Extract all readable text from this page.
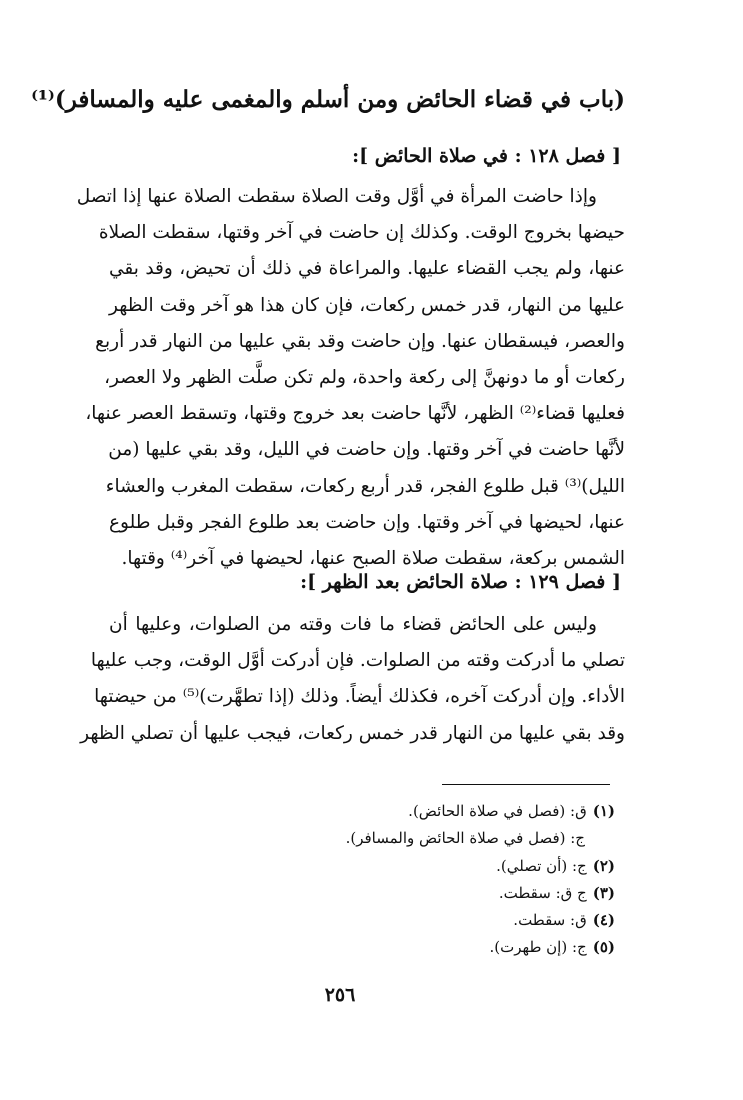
(باب في قضاء الحائض ومن أسلم والمغمى عليه والمسافر)⁽¹⁾
[ فصل ١٢٨ : في صلاة الحائض ]:
وإذا حاضت المرأة في أوَّل وقت الصلاة سقطت الصلاة عنها إذا اتصل
حيضها بخروج الوقت. وكذلك إن حاضت في آخر وقتها، سقطت الصلاة
عنها، ولم يجب القضاء عليها. والمراعاة في ذلك أن تحيض، وقد بقي
عليها من النهار، قدر خمس ركعات، فإن كان هذا هو آخر وقت الظهر
والعصر، فيسقطان عنها. وإن حاضت وقد بقي عليها من النهار قدر أربع
ركعات أو ما دونهنَّ إلى ركعة واحدة، ولم تكن صلَّت الظهر ولا العصر،
فعليها قضاء⁽²⁾ الظهر، لأنَّها حاضت بعد خروج وقتها، وتسقط العصر عنها،
لأنَّها حاضت في آخر وقتها. وإن حاضت في الليل، وقد بقي عليها (من
الليل)⁽³⁾ قبل طلوع الفجر، قدر أربع ركعات، سقطت المغرب والعشاء
عنها، لحيضها في آخر وقتها. وإن حاضت بعد طلوع الفجر وقبل طلوع
الشمس بركعة، سقطت صلاة الصبح عنها، لحيضها في آخر⁽⁴⁾ وقتها.
[ فصل ١٢٩ : صلاة الحائض بعد الظهر ]:
وليس على الحائض قضاء ما فات وقته من الصلوات، وعليها أن
تصلي ما أدركت وقته من الصلوات. فإن أدركت أوَّل الوقت، وجب عليها
الأداء. وإن أدركت آخره، فكذلك أيضاً. وذلك (إذا تطهَّرت)⁽⁵⁾ من حيضتها
وقد بقي عليها من النهار قدر خمس ركعات، فيجب عليها أن تصلي الظهر
(١)ق: (فصل في صلاة الحائض).
ج: (فصل في صلاة الحائض والمسافر).
(٢)ج: (أن تصلي).
(٣)ج ق: سقطت.
(٤)ق: سقطت.
(٥)ج: (إن طهرت).

٢٥٦
